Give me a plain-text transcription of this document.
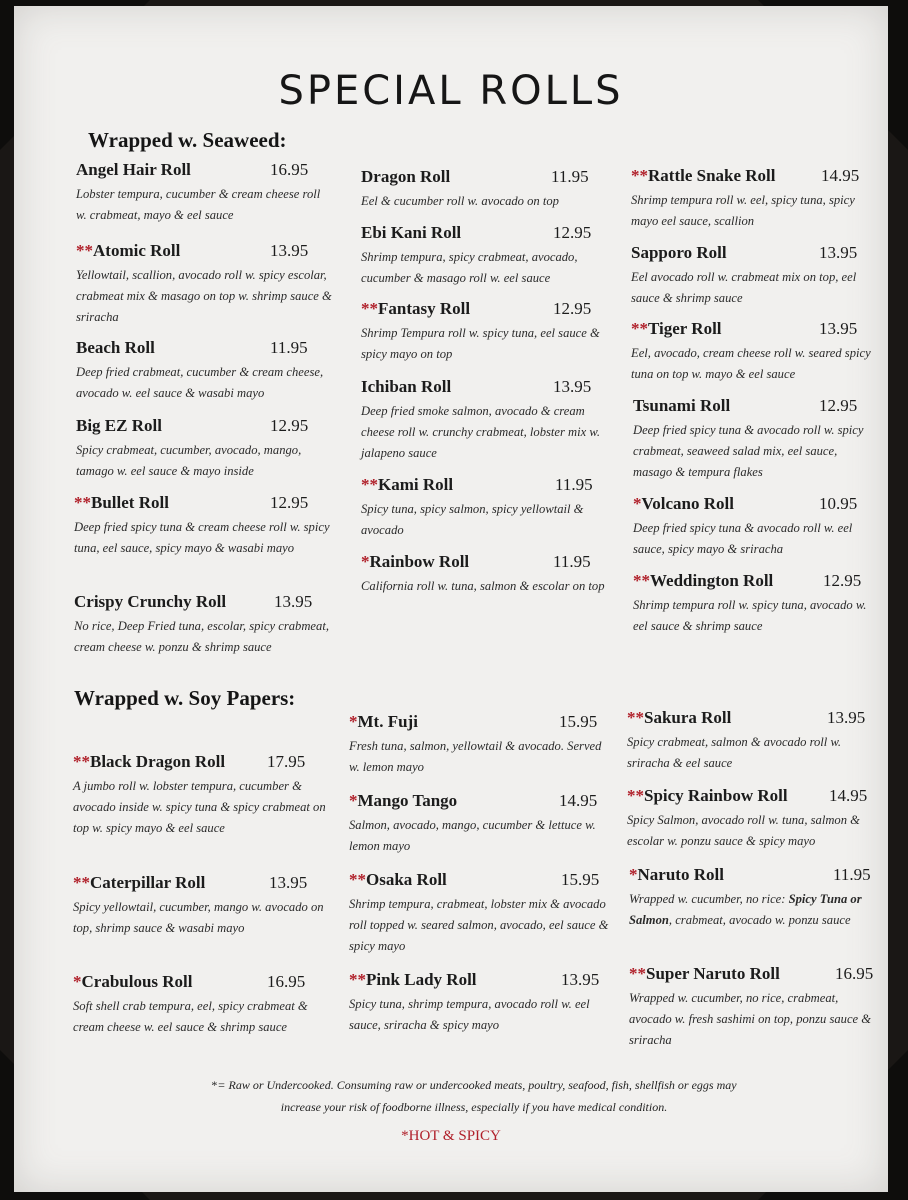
SPECIAL ROLLS
Wrapped w. Seaweed:
Wrapped w. Soy Papers:
Angel Hair Roll	16.95
Lobster tempura, cucumber & cream cheese roll w. crabmeat, mayo & eel sauce
**Atomic Roll	13.95
Yellowtail, scallion, avocado roll w. spicy escolar, crabmeat mix & masago on top w. shrimp sauce & sriracha
Beach Roll	11.95
Deep fried crabmeat, cucumber & cream cheese, avocado w. eel sauce & wasabi mayo
Big EZ Roll	12.95
Spicy crabmeat, cucumber, avocado, mango, tamago w. eel sauce & mayo inside
**Bullet Roll	12.95
Deep fried spicy tuna & cream cheese roll w. spicy tuna, eel sauce, spicy mayo & wasabi mayo
Crispy Crunchy Roll	13.95
No rice, Deep Fried tuna, escolar, spicy crabmeat, cream cheese w. ponzu & shrimp sauce
Dragon Roll	11.95
Eel & cucumber roll w. avocado on top
Ebi Kani Roll	12.95
Shrimp tempura, spicy crabmeat, avocado, cucumber & masago roll w. eel sauce
**Fantasy Roll	12.95
Shrimp Tempura roll w. spicy tuna, eel sauce & spicy mayo on top
Ichiban Roll	13.95
Deep fried smoke salmon, avocado & cream cheese roll w. crunchy crabmeat, lobster mix w. jalapeno sauce
**Kami Roll	11.95
Spicy tuna, spicy salmon, spicy yellowtail & avocado
*Rainbow Roll	11.95
California roll w. tuna, salmon & escolar on top
**Rattle Snake Roll	14.95
Shrimp tempura roll w. eel, spicy tuna, spicy mayo eel sauce, scallion
Sapporo Roll	13.95
Eel avocado roll w. crabmeat mix on top, eel sauce & shrimp sauce
**Tiger Roll	13.95
Eel, avocado, cream cheese roll w. seared spicy tuna on top w. mayo & eel sauce
Tsunami Roll	12.95
Deep fried spicy tuna & avocado roll w. spicy crabmeat, seaweed salad mix, eel sauce, masago & tempura flakes
*Volcano Roll	10.95
Deep fried spicy tuna & avocado roll w. eel sauce, spicy mayo & sriracha
**Weddington Roll	12.95
Shrimp tempura roll w. spicy tuna, avocado w. eel sauce & shrimp sauce
**Black Dragon Roll 17.95
A jumbo roll w. lobster tempura, cucumber & avocado inside w. spicy tuna & spicy crabmeat on top w. spicy mayo & eel sauce
**Caterpillar Roll	13.95
Spicy yellowtail, cucumber, mango w. avocado on top, shrimp sauce & wasabi mayo
*Crabulous Roll	16.95
Soft shell crab tempura, eel, spicy crabmeat & cream cheese w. eel sauce & shrimp sauce
*Mt. Fuji	15.95
Fresh tuna, salmon, yellowtail & avocado. Served w. lemon mayo
*Mango Tango	14.95
Salmon, avocado, mango, cucumber & lettuce w. lemon mayo
**Osaka Roll	15.95
Shrimp tempura, crabmeat, lobster mix & avocado roll topped w. seared salmon, avocado, eel sauce & spicy mayo
**Pink Lady Roll	13.95
Spicy tuna, shrimp tempura, avocado roll w. eel sauce, sriracha & spicy mayo
**Sakura Roll	13.95
Spicy crabmeat, salmon & avocado roll w. sriracha & eel sauce
**Spicy Rainbow Roll 14.95
Spicy Salmon, avocado roll w. tuna, salmon & escolar w. ponzu sauce & spicy mayo
*Naruto Roll	11.95
Wrapped w. cucumber, no rice: Spicy Tuna or Salmon, crabmeat, avocado w. ponzu sauce
**Super Naruto Roll	16.95
Wrapped w. cucumber, no rice, crabmeat, avocado w. fresh sashimi on top, ponzu sauce & sriracha
*= Raw or Undercooked. Consuming raw or undercooked meats, poultry, seafood, fish, shellfish or eggs may
increase your risk of foodborne illness, especially if you have medical condition.
*HOT & SPICY
